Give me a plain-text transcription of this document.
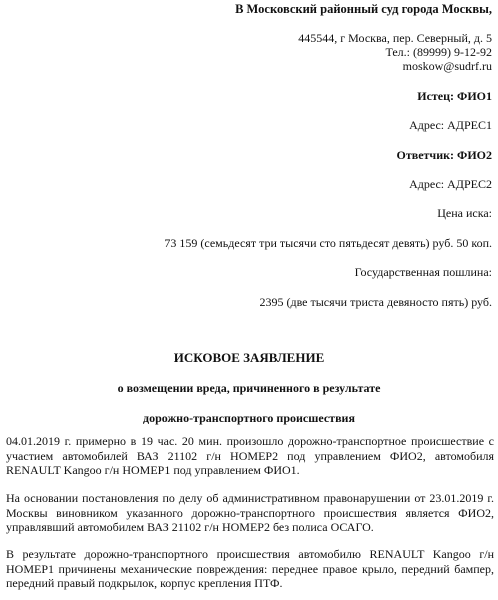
В Московский районный суд города Москвы,

445544, г Москва, пер. Северный, д. 5

Тел.: (89999) 9-12-92

moskow@sudrf.ru

Истец: ФИО1

Адрес: АДРЕС1

Ответчик: ФИО2

Адрес: АДРЕС2

Цена иска:

73 159 (семьдесят три тысячи сто пятьдесят девять) руб. 50 коп.

Государственная пошлина:

2395 (две тысячи триста девяносто пять) руб.

ИСКОВОЕ ЗАЯВЛЕНИЕ

о возмещении вреда, причиненного в результате

дорожно-транспортного происшествия

04.01.2019 г. примерно в 19 час. 20 мин. произошло дорожно-транспортное происшествие с участием автомобилей ВАЗ 21102 г/н НОМЕР2 под управлением ФИО2, автомобиля RENAULT Kangoo г/н НОМЕР1 под управлением ФИО1.

На основании постановления по делу об административном правонарушении от 23.01.2019 г. Москвы виновником указанного дорожно-транспортного происшествия является ФИО2, управлявший автомобилем ВАЗ 21102 г/н НОМЕР2 без полиса ОСАГО.

В результате дорожно-транспортного происшествия автомобилю RENAULT Kangoo г/н НОМЕР1 причинены механические повреждения: переднее правое крыло, передний бампер, передний правый подкрылок, корпус крепления ПТФ.
